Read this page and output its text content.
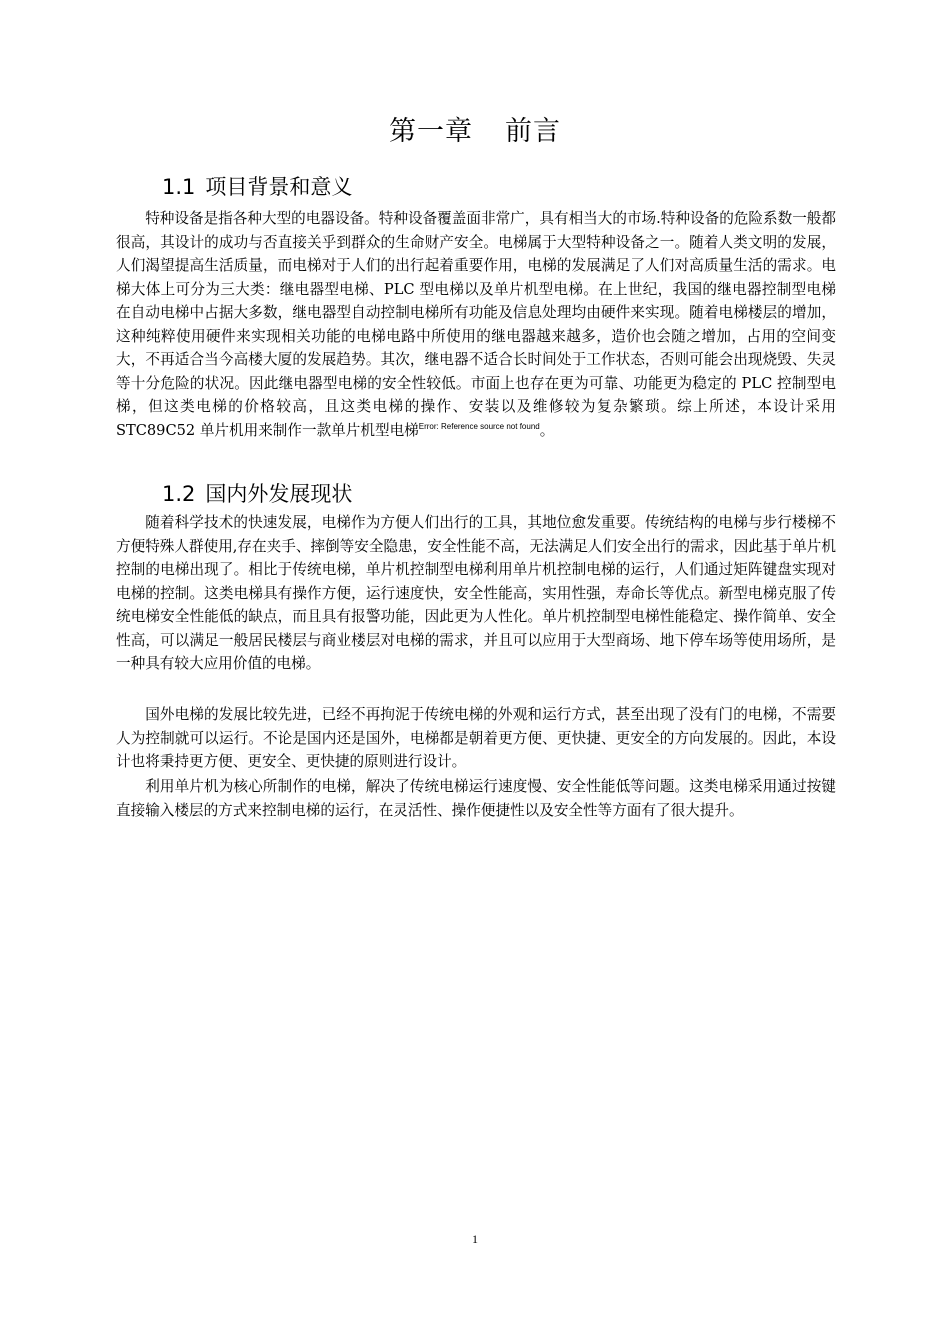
第一章 前言
1.1 项目背景和意义

特种设备是指各种大型的电器设备。特种设备覆盖面非常广，具有相当大的市场.特种设备的危险系数一般都很高，其设计的成功与否直接关乎到群众的生命财产安全。电梯属于大型特种设备之一。随着人类文明的发展，人们渴望提高生活质量，而电梯对于人们的出行起着重要作用，电梯的发展满足了人们对高质量生活的需求。电梯大体上可分为三大类：继电器型电梯、PLC 型电梯以及单片机型电梯。在上世纪，我国的继电器控制型电梯在自动电梯中占据大多数，继电器型自动控制电梯所有功能及信息处理均由硬件来实现。随着电梯楼层的增加，这种纯粹使用硬件来实现相关功能的电梯电路中所使用的继电器越来越多，造价也会随之增加，占用的空间变大，不再适合当今高楼大厦的发展趋势。其次，继电器不适合长时间处于工作状态，否则可能会出现烧毁、失灵等十分危险的状况。因此继电器型电梯的安全性较低。市面上也存在更为可靠、功能更为稳定的 PLC 控制型电梯，但这类电梯的价格较高，且这类电梯的操作、安装以及维修较为复杂繁琐。综上所述，本设计采用 STC89C52 单片机用来制作一款单片机型电梯$^{Error: Reference source not found}$。

1.2 国内外发展现状

随着科学技术的快速发展，电梯作为方便人们出行的工具，其地位愈发重要。传统结构的电梯与步行楼梯不方便特殊人群使用,存在夹手、摔倒等安全隐患，安全性能不高，无法满足人们安全出行的需求，因此基于单片机控制的电梯出现了。相比于传统电梯，单片机控制型电梯利用单片机控制电梯的运行，人们通过矩阵键盘实现对电梯的控制。这类电梯具有操作方便，运行速度快，安全性能高，实用性强，寿命长等优点。新型电梯克服了传统电梯安全性能低的缺点，而且具有报警功能，因此更为人性化。单片机控制型电梯性能稳定、操作简单、安全性高，可以满足一般居民楼层与商业楼层对电梯的需求，并且可以应用于大型商场、地下停车场等使用场所，是一种具有较大应用价值的电梯。

国外电梯的发展比较先进，已经不再拘泥于传统电梯的外观和运行方式，甚至出现了没有门的电梯，不需要人为控制就可以运行。不论是国内还是国外，电梯都是朝着更方便、更快捷、更安全的方向发展的。因此，本设计也将秉持更方便、更安全、更快捷的原则进行设计。

利用单片机为核心所制作的电梯，解决了传统电梯运行速度慢、安全性能低等问题。这类电梯采用通过按键直接输入楼层的方式来控制电梯的运行，在灵活性、操作便捷性以及安全性等方面有了很大提升。

1
